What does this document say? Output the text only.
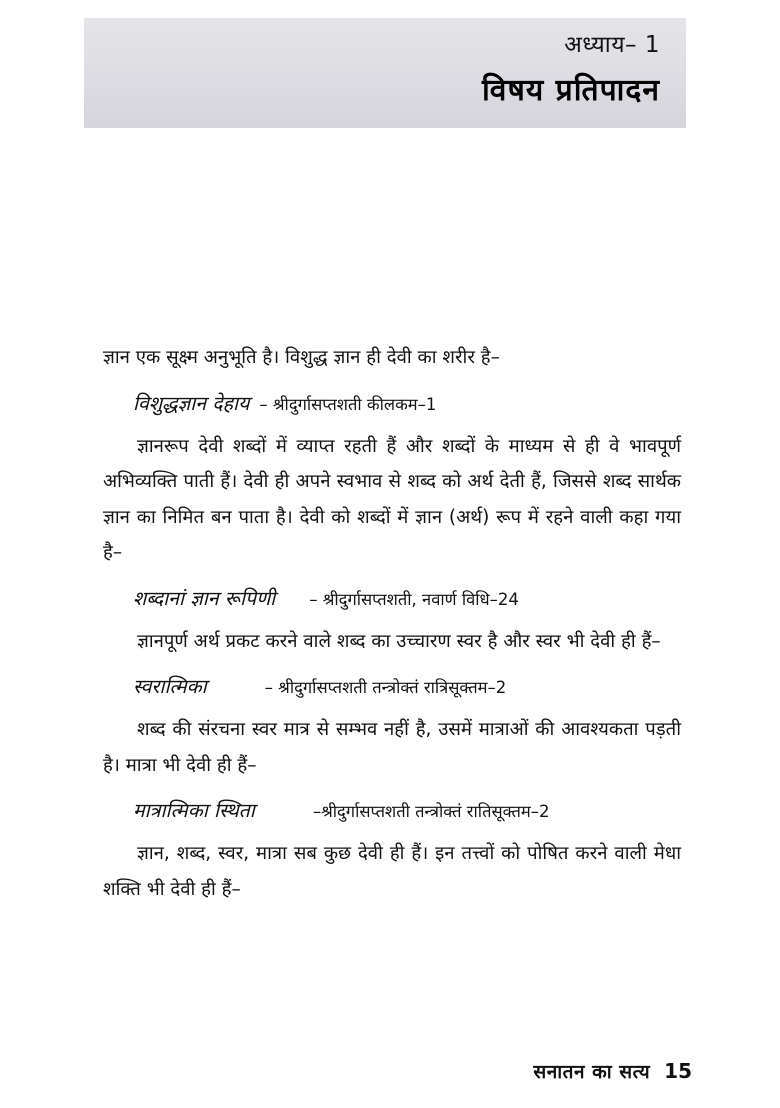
अध्याय– 1
विषय प्रतिपादन

ज्ञान एक सूक्ष्म अनुभूति है। विशुद्ध ज्ञान ही देवी का शरीर है–

विशुद्धज्ञान देहाय – श्रीदुर्गासप्तशती कीलकम–1

ज्ञानरूप देवी शब्दों में व्याप्त रहती हैं और शब्दों के माध्यम से ही वे भावपूर्ण अभिव्यक्ति पाती हैं। देवी ही अपने स्वभाव से शब्द को अर्थ देती हैं, जिससे शब्द सार्थक ज्ञान का निमित बन पाता है। देवी को शब्दों में ज्ञान (अर्थ) रूप में रहने वाली कहा गया है–

शब्दानां ज्ञान रूपिणी – श्रीदुर्गासप्तशती, नवार्ण विधि–24

ज्ञानपूर्ण अर्थ प्रकट करने वाले शब्द का उच्चारण स्वर है और स्वर भी देवी ही हैं–

स्वरात्मिका	– श्रीदुर्गासप्तशती तन्त्रोक्तं रात्रिसूक्तम–2

शब्द की संरचना स्वर मात्र से सम्भव नहीं है, उसमें मात्राओं की आवश्यकता पड़ती है। मात्रा भी देवी ही हैं–

मात्रात्मिका स्थिता	–श्रीदुर्गासप्तशती तन्त्रोक्तं रातिसूक्तम–2

ज्ञान, शब्द, स्वर, मात्रा सब कुछ देवी ही हैं। इन तत्त्वों को पोषित करने वाली मेधा शक्ति भी देवी ही हैं–

सनातन का सत्य 15
